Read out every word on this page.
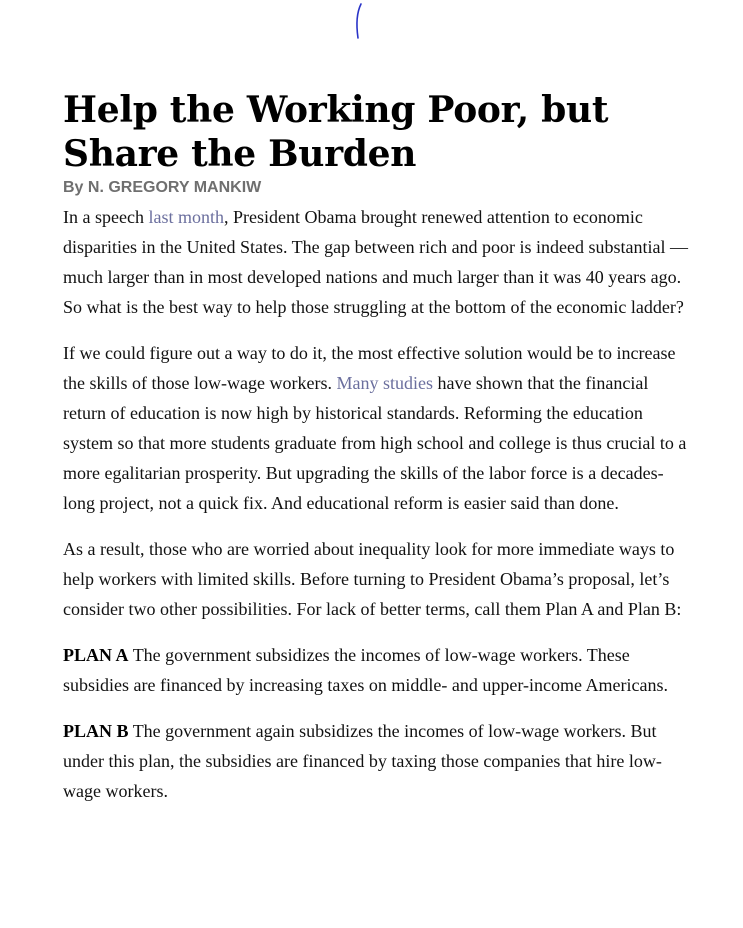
Help the Working Poor, but Share the Burden
By N. GREGORY MANKIW

In a speech last month, President Obama brought renewed attention to economic disparities in the United States. The gap between rich and poor is indeed substantial — much larger than in most developed nations and much larger than it was 40 years ago. So what is the best way to help those struggling at the bottom of the economic ladder?

If we could figure out a way to do it, the most effective solution would be to increase the skills of those low-wage workers. Many studies have shown that the financial return of education is now high by historical standards. Reforming the education system so that more students graduate from high school and college is thus crucial to a more egalitarian prosperity. But upgrading the skills of the labor force is a decades-long project, not a quick fix. And educational reform is easier said than done.

As a result, those who are worried about inequality look for more immediate ways to help workers with limited skills. Before turning to President Obama’s proposal, let’s consider two other possibilities. For lack of better terms, call them Plan A and Plan B:

PLAN A The government subsidizes the incomes of low-wage workers. These subsidies are financed by increasing taxes on middle- and upper-income Americans.

PLAN B The government again subsidizes the incomes of low-wage workers. But under this plan, the subsidies are financed by taxing those companies that hire low-wage workers.
